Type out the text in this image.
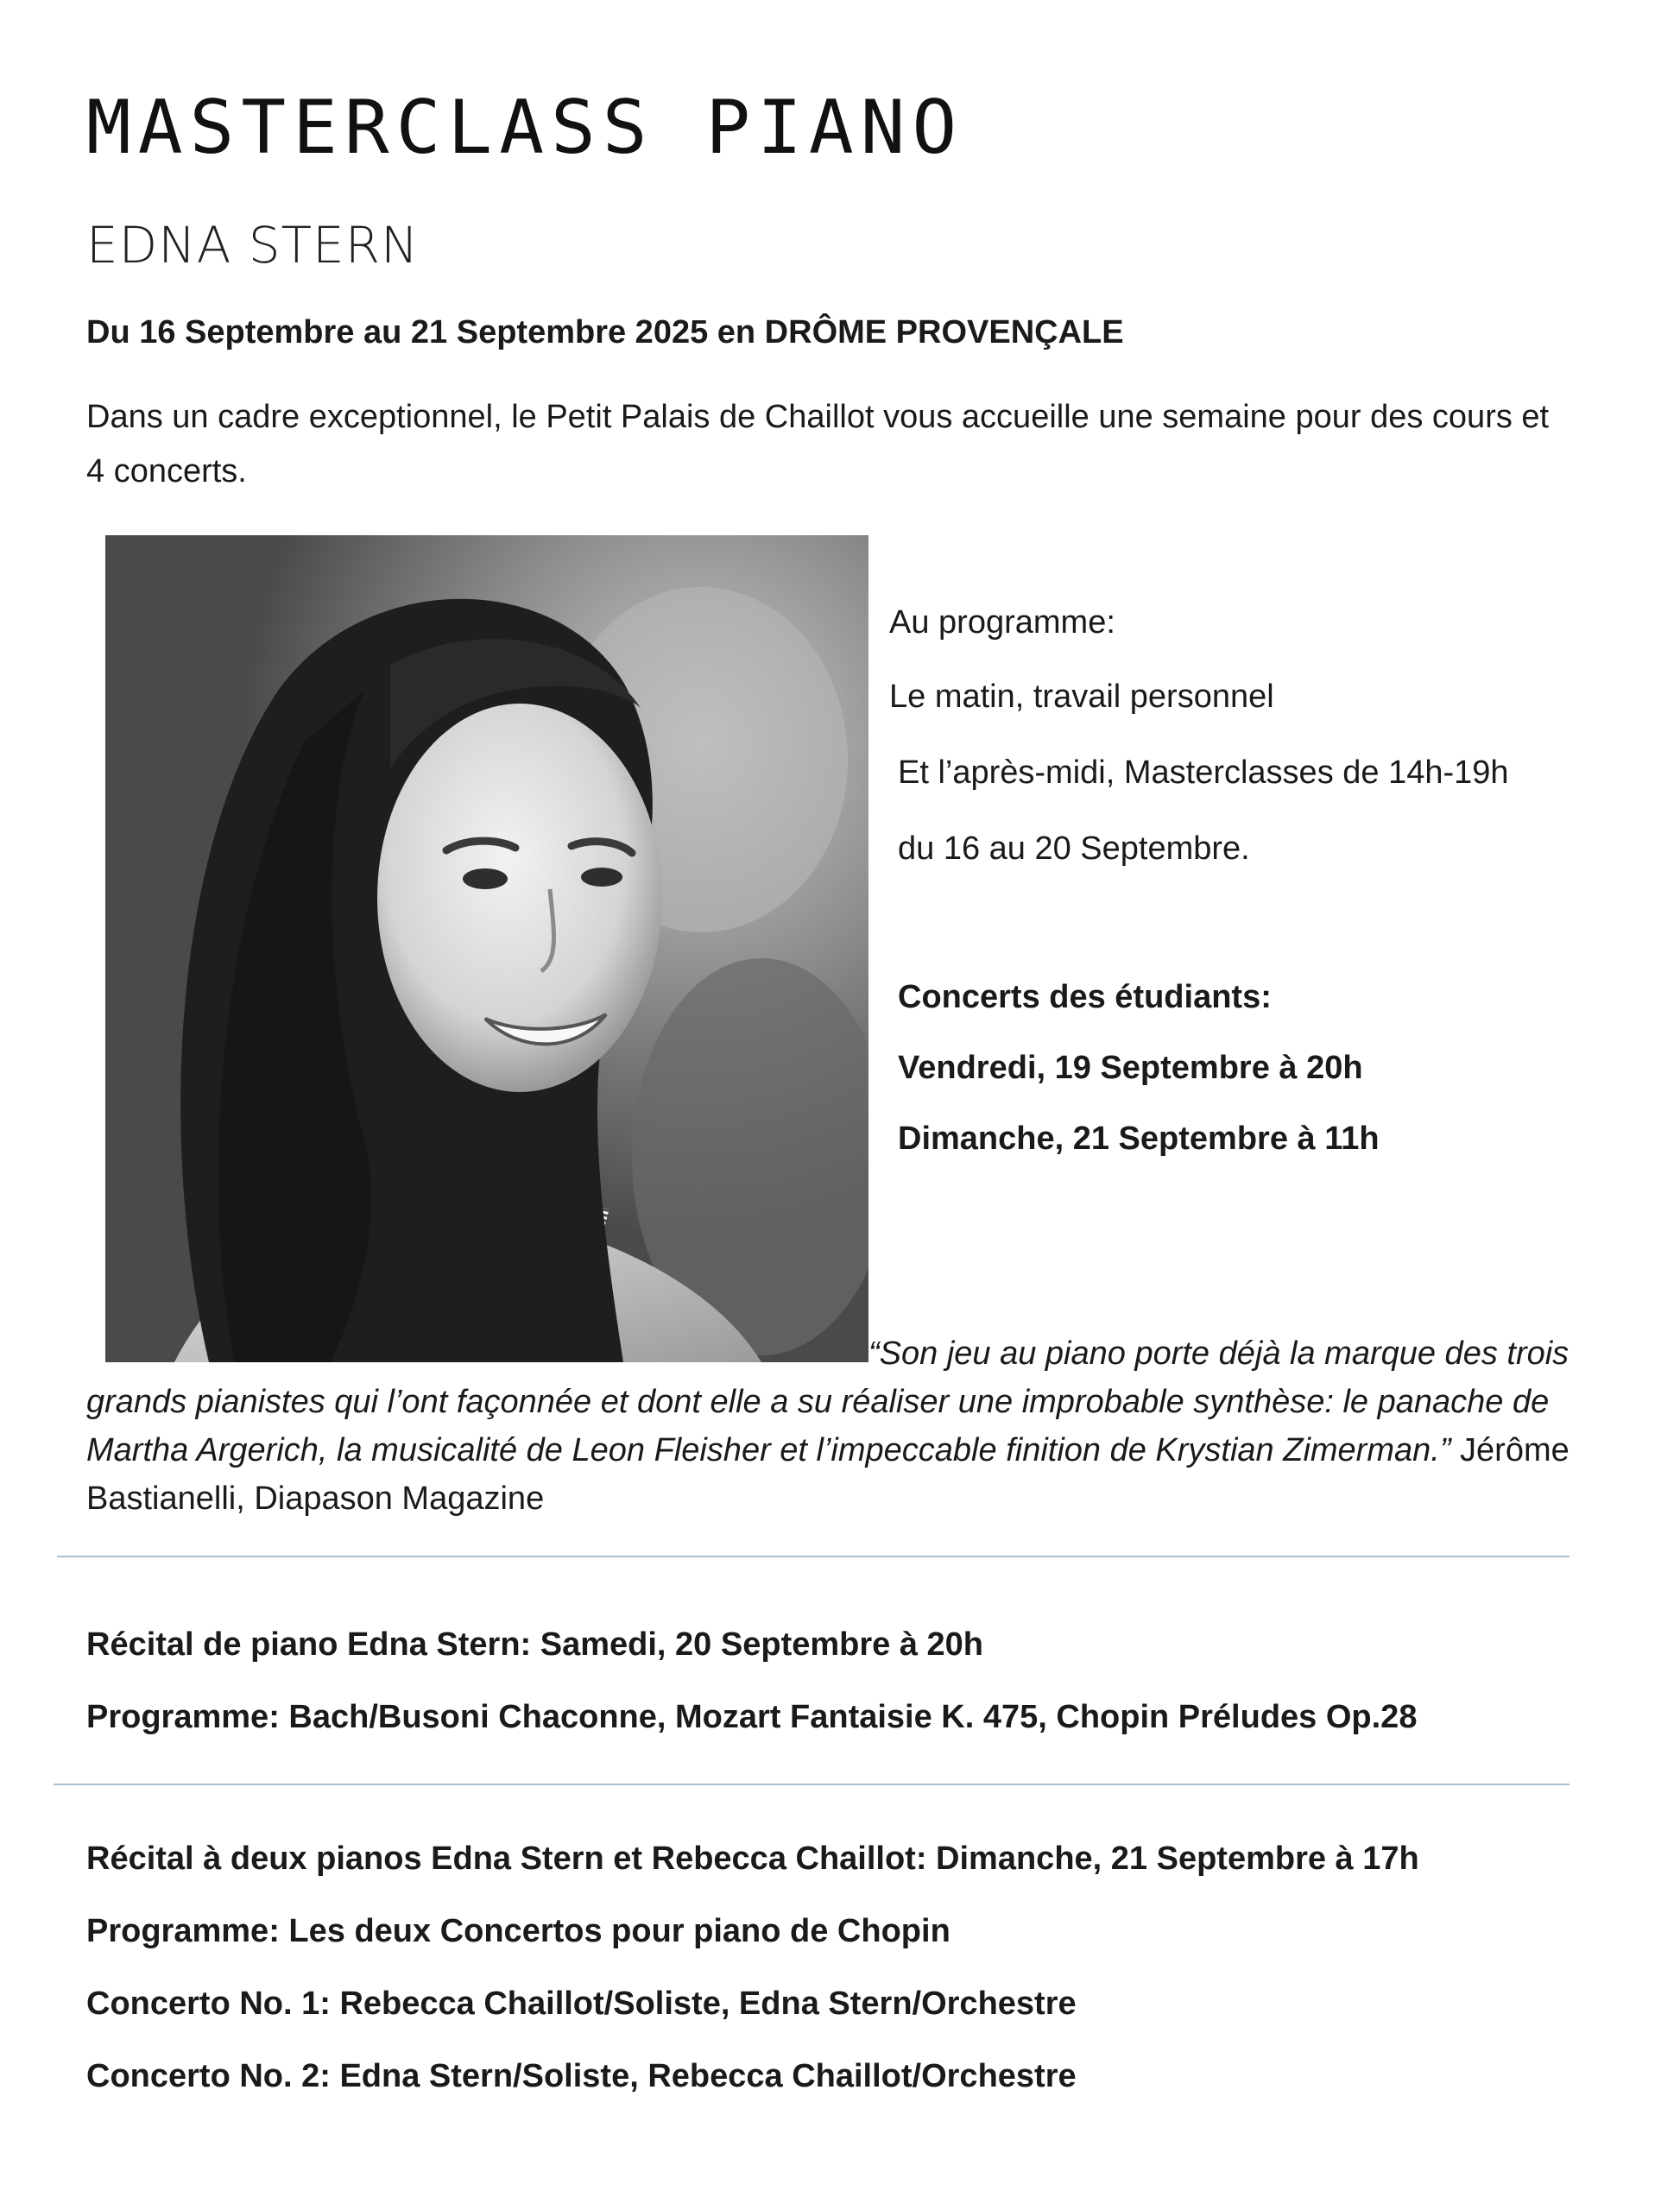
MASTERCLASS PIANO
EDNA STERN

Du 16 Septembre au 21 Septembre 2025 en DRÔME PROVENÇALE

Dans un cadre exceptionnel, le Petit Palais de Chaillot vous accueille une semaine pour des cours et 4 concerts.

Au programme:

Le matin, travail personnel

Et l’après-midi, Masterclasses de 14h-19h

du 16 au 20 Septembre.

Concerts des étudiants:

Vendredi, 19 Septembre à 20h

Dimanche, 21 Septembre à 11h

“Son jeu au piano porte déjà la marque des trois grands pianistes qui l’ont façonnée et dont elle a su réaliser une improbable synthèse: le panache de Martha Argerich, la musicalité de Leon Fleisher et l’impeccable finition de Krystian Zimerman.” Jérôme Bastianelli, Diapason Magazine

Récital de piano Edna Stern: Samedi, 20 Septembre à 20h

Programme: Bach/Busoni Chaconne, Mozart Fantaisie K. 475, Chopin Préludes Op.28

Récital à deux pianos Edna Stern et Rebecca Chaillot: Dimanche, 21 Septembre à 17h

Programme: Les deux Concertos pour piano de Chopin

Concerto No. 1: Rebecca Chaillot/Soliste, Edna Stern/Orchestre

Concerto No. 2: Edna Stern/Soliste, Rebecca Chaillot/Orchestre
